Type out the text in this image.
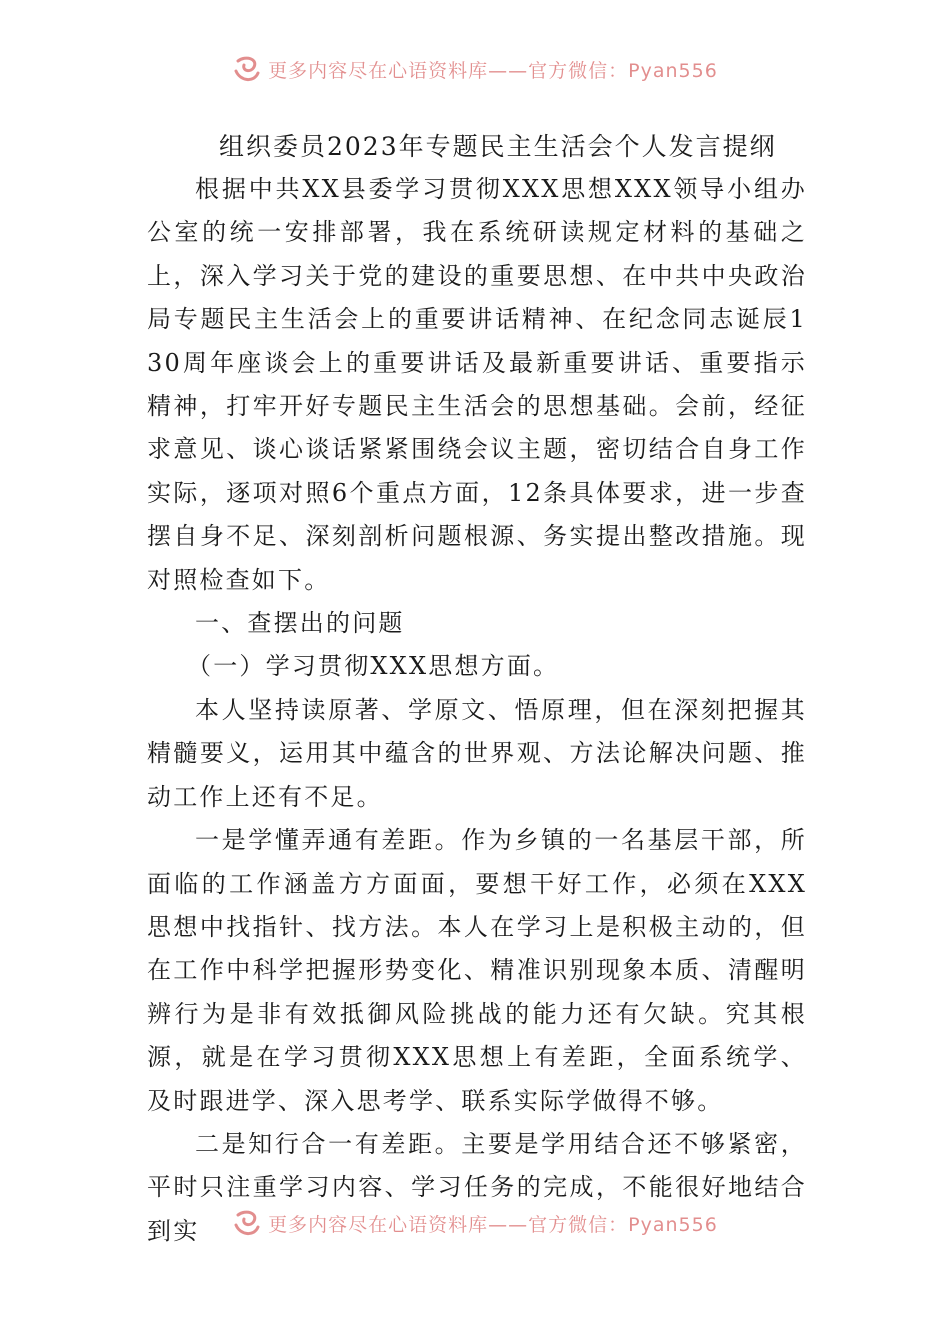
更多内容尽在心语资料库——官方微信：Pyan556
组织委员2023年专题民主生活会个人发言提纲

根据中共XX县委学习贯彻XXX思想XXX领导小组办公室的统一安排部署，我在系统研读规定材料的基础之上，深入学习关于党的建设的重要思想、在中共中央政治局专题民主生活会上的重要讲话精神、在纪念同志诞辰130周年座谈会上的重要讲话及最新重要讲话、重要指示精神，打牢开好专题民主生活会的思想基础。会前，经征求意见、谈心谈话紧紧围绕会议主题，密切结合自身工作实际，逐项对照6个重点方面，12条具体要求，进一步查摆自身不足、深刻剖析问题根源、务实提出整改措施。现对照检查如下。

一、查摆出的问题

（一）学习贯彻XXX思想方面。

本人坚持读原著、学原文、悟原理，但在深刻把握其精髓要义，运用其中蕴含的世界观、方法论解决问题、推动工作上还有不足。

一是学懂弄通有差距。作为乡镇的一名基层干部，所面临的工作涵盖方方面面，要想干好工作，必须在XXX思想中找指针、找方法。本人在学习上是积极主动的，但在工作中科学把握形势变化、精准识别现象本质、清醒明辨行为是非有效抵御风险挑战的能力还有欠缺。究其根源，就是在学习贯彻XXX思想上有差距，全面系统学、及时跟进学、深入思考学、联系实际学做得不够。

二是知行合一有差距。主要是学用结合还不够紧密，平时只注重学习内容、学习任务的完成，不能很好地结合到实	更多内容尽在心语资料库——官方微信：Pyan556
